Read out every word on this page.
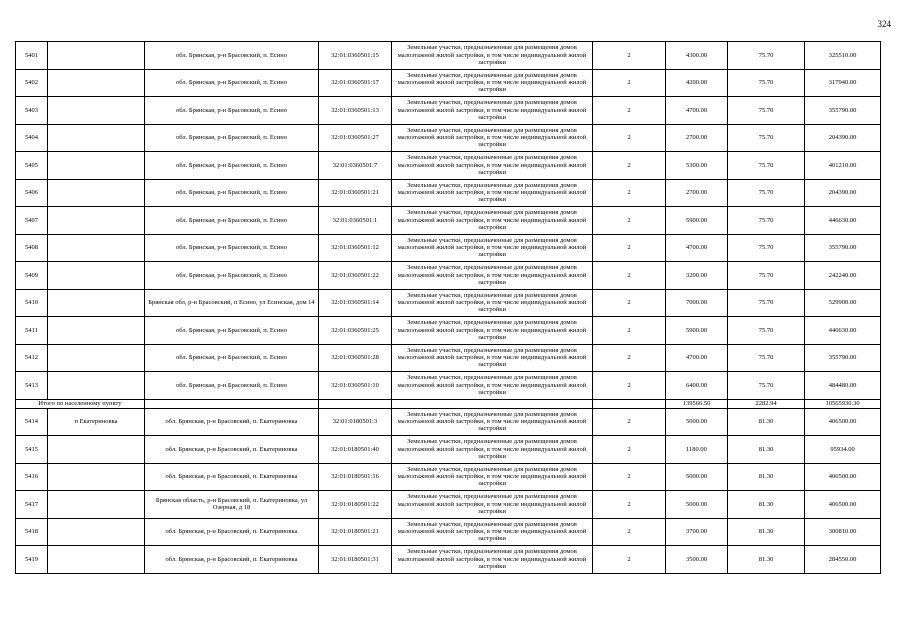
324
5401		обл. Брянская, р-н Брасовский, п. Есино	32:01:0360501:15	Земельные участки, предназначенные для размещения домов малоэтажной жилой застройки, в том числе индивидуальной жилой застройки	2	4300.00	75.70	325510.00
5402		обл. Брянская, р-н Брасовский, п. Есино	32:01:0360501:17	Земельные участки, предназначенные для размещения домов малоэтажной жилой застройки, в том числе индивидуальной жилой застройки	2	4200.00	75.70	317940.00
5403		обл. Брянская, р-н Брасовский, п. Есино	32:01:0360501:13	Земельные участки, предназначенные для размещения домов малоэтажной жилой застройки, в том числе индивидуальной жилой застройки	2	4700.00	75.70	355790.00
5404		обл. Брянская, р-н Брасовский, п. Есино	32:01:0360501:27	Земельные участки, предназначенные для размещения домов малоэтажной жилой застройки, в том числе индивидуальной жилой застройки	2	2700.00	75.70	204390.00
5405		обл. Брянская, р-н Брасовский, п. Есино	32:01:0360501:7	Земельные участки, предназначенные для размещения домов малоэтажной жилой застройки, в том числе индивидуальной жилой застройки	2	5300.00	75.70	401210.00
5406		обл. Брянская, р-н Брасовский, п. Есино	32:01:0360501:21	Земельные участки, предназначенные для размещения домов малоэтажной жилой застройки, в том числе индивидуальной жилой застройки	2	2700.00	75.70	204390.00
5407		обл. Брянская, р-н Брасовский, п. Есино	32:01:0360501:1	Земельные участки, предназначенные для размещения домов малоэтажной жилой застройки, в том числе индивидуальной жилой застройки	2	5900.00	75.70	446630.00
5408		обл. Брянская, р-н Брасовский, п. Есино	32:01:0360501:12	Земельные участки, предназначенные для размещения домов малоэтажной жилой застройки, в том числе индивидуальной жилой застройки	2	4700.00	75.70	355790.00
5409		обл. Брянская, р-н Брасовский, п. Есино	32:01:0360501:22	Земельные участки, предназначенные для размещения домов малоэтажной жилой застройки, в том числе индивидуальной жилой застройки	2	3200.00	75.70	242240.00
5410		Брянская обл, р-н Брасовский, п Есино, ул Есинская, дом 14	32:01:0360501:14	Земельные участки, предназначенные для размещения домов малоэтажной жилой застройки, в том числе индивидуальной жилой застройки	2	7000.00	75.70	529900.00
5411		обл. Брянская, р-н Брасовский, п. Есино	32:01:0360501:25	Земельные участки, предназначенные для размещения домов малоэтажной жилой застройки, в том числе индивидуальной жилой застройки	2	5900.00	75.70	446630.00
5412		обл. Брянская, р-н Брасовский, п. Есино	32:01:0360501:28	Земельные участки, предназначенные для размещения домов малоэтажной жилой застройки, в том числе индивидуальной жилой застройки	2	4700.00	75.70	355790.00
5413		обл. Брянская, р-н Брасовский, п. Есино	32:01:0360501:10	Земельные участки, предназначенные для размещения домов малоэтажной жилой застройки, в том числе индивидуальной жилой застройки	2	6400.00	75.70	484480.00
Итого по населенному пункту						139566.50	2282.94	10565930.30
5414	п Екатериновка	обл. Брянская, р-н Брасовский, п. Екатериновка	32:01:0180501:3	Земельные участки, предназначенные для размещения домов малоэтажной жилой застройки, в том числе индивидуальной жилой застройки	2	5000.00	81.30	406500.00
5415		обл. Брянская, р-н Брасовский, п. Екатериновка	32:01:0180501:40	Земельные участки, предназначенные для размещения домов малоэтажной жилой застройки, в том числе индивидуальной жилой застройки	2	1180.00	81.30	95934.00
5416		обл. Брянская, р-н Брасовский, п. Екатериновка	32:01:0180501:16	Земельные участки, предназначенные для размещения домов малоэтажной жилой застройки, в том числе индивидуальной жилой застройки	2	5000.00	81.30	406500.00
5417		Брянская область, р-н Брасовский, п. Екатериновка, ул Озерная, д 18	32:01:0180501:22	Земельные участки, предназначенные для размещения домов малоэтажной жилой застройки, в том числе индивидуальной жилой застройки	2	5000.00	81.30	406500.00
5418		обл. Брянская, р-н Брасовский, п. Екатериновка	32:01:0180501:21	Земельные участки, предназначенные для размещения домов малоэтажной жилой застройки, в том числе индивидуальной жилой застройки	2	3700.00	81.30	300810.00
5419		обл. Брянская, р-н Брасовский, п. Екатериновка	32:01:0180501:31	Земельные участки, предназначенные для размещения домов малоэтажной жилой застройки, в том числе индивидуальной жилой застройки	2	3500.00	81.30	284550.00
